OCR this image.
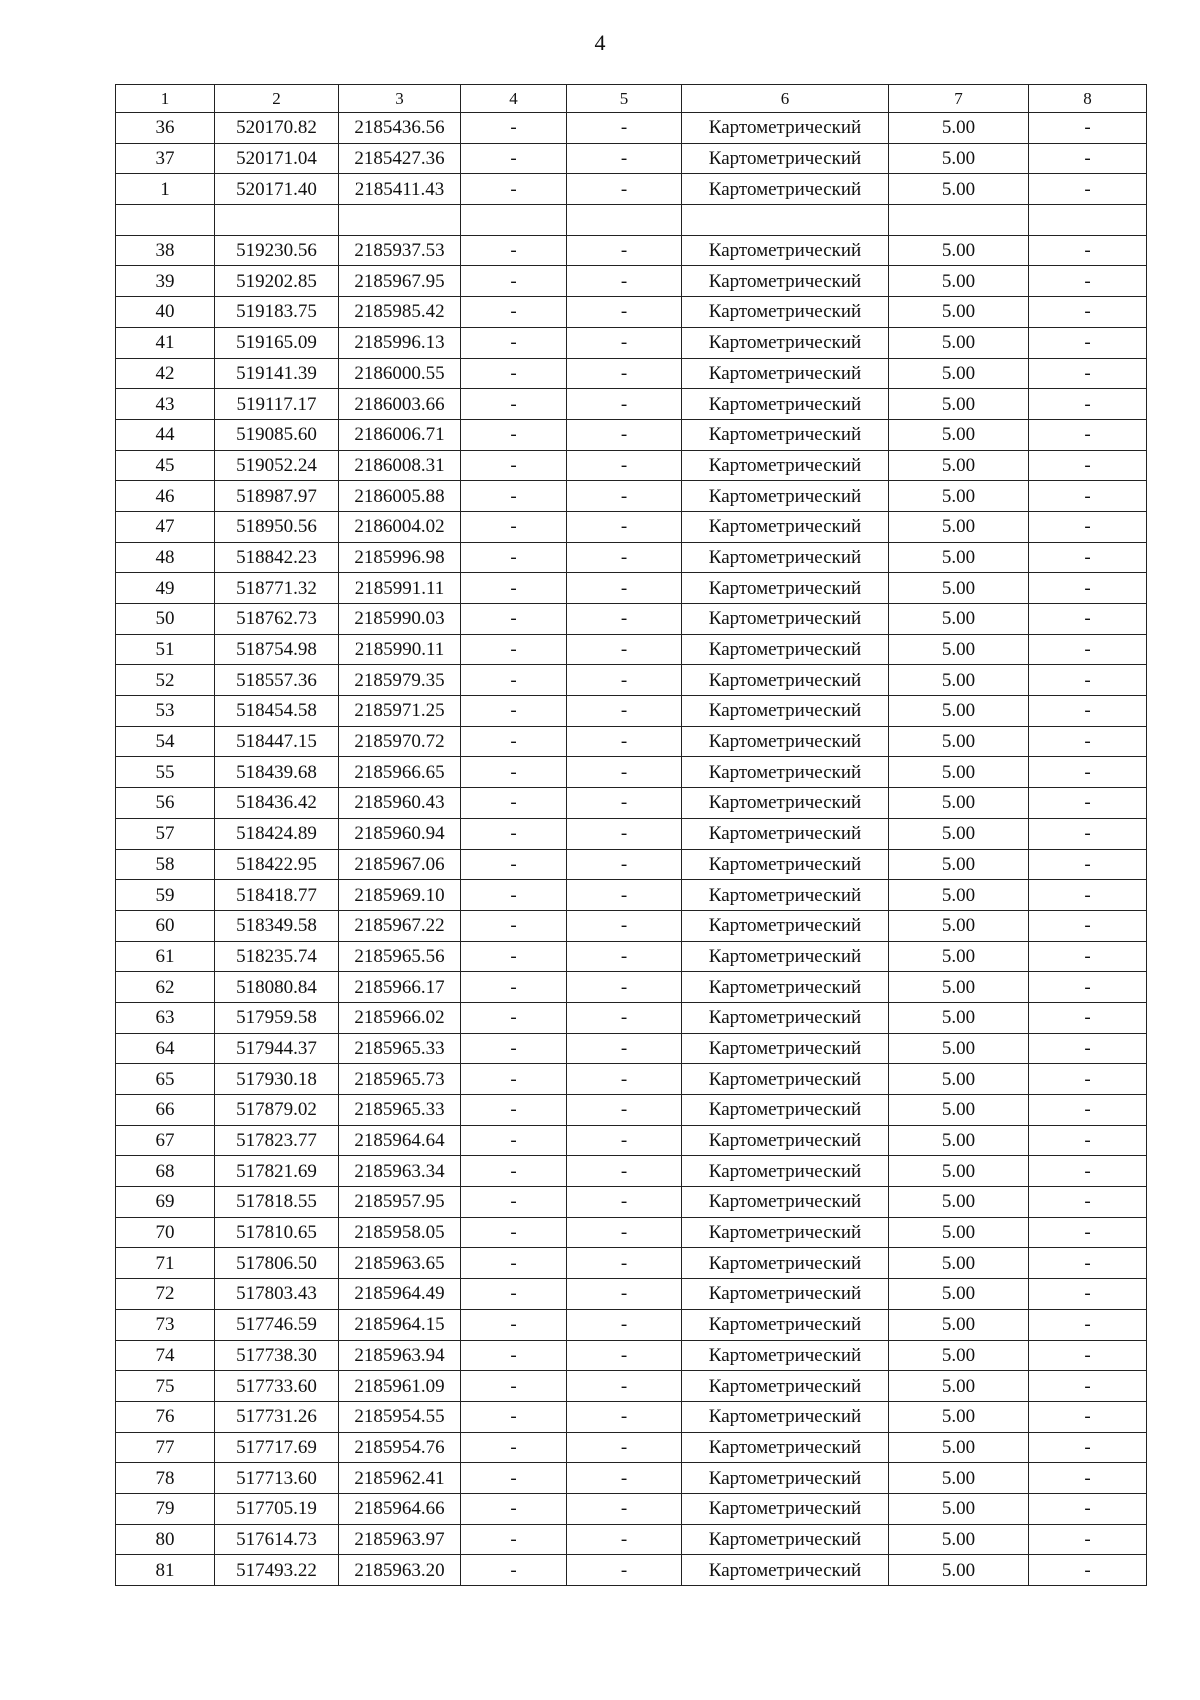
4
1	2	3	4	5	6	7	8
36	520170.82	2185436.56	-	-	Картометрический	5.00	-
37	520171.04	2185427.36	-	-	Картометрический	5.00	-
1	520171.40	2185411.43	-	-	Картометрический	5.00	-

38	519230.56	2185937.53	-	-	Картометрический	5.00	-
39	519202.85	2185967.95	-	-	Картометрический	5.00	-
40	519183.75	2185985.42	-	-	Картометрический	5.00	-
41	519165.09	2185996.13	-	-	Картометрический	5.00	-
42	519141.39	2186000.55	-	-	Картометрический	5.00	-
43	519117.17	2186003.66	-	-	Картометрический	5.00	-
44	519085.60	2186006.71	-	-	Картометрический	5.00	-
45	519052.24	2186008.31	-	-	Картометрический	5.00	-
46	518987.97	2186005.88	-	-	Картометрический	5.00	-
47	518950.56	2186004.02	-	-	Картометрический	5.00	-
48	518842.23	2185996.98	-	-	Картометрический	5.00	-
49	518771.32	2185991.11	-	-	Картометрический	5.00	-
50	518762.73	2185990.03	-	-	Картометрический	5.00	-
51	518754.98	2185990.11	-	-	Картометрический	5.00	-
52	518557.36	2185979.35	-	-	Картометрический	5.00	-
53	518454.58	2185971.25	-	-	Картометрический	5.00	-
54	518447.15	2185970.72	-	-	Картометрический	5.00	-
55	518439.68	2185966.65	-	-	Картометрический	5.00	-
56	518436.42	2185960.43	-	-	Картометрический	5.00	-
57	518424.89	2185960.94	-	-	Картометрический	5.00	-
58	518422.95	2185967.06	-	-	Картометрический	5.00	-
59	518418.77	2185969.10	-	-	Картометрический	5.00	-
60	518349.58	2185967.22	-	-	Картометрический	5.00	-
61	518235.74	2185965.56	-	-	Картометрический	5.00	-
62	518080.84	2185966.17	-	-	Картометрический	5.00	-
63	517959.58	2185966.02	-	-	Картометрический	5.00	-
64	517944.37	2185965.33	-	-	Картометрический	5.00	-
65	517930.18	2185965.73	-	-	Картометрический	5.00	-
66	517879.02	2185965.33	-	-	Картометрический	5.00	-
67	517823.77	2185964.64	-	-	Картометрический	5.00	-
68	517821.69	2185963.34	-	-	Картометрический	5.00	-
69	517818.55	2185957.95	-	-	Картометрический	5.00	-
70	517810.65	2185958.05	-	-	Картометрический	5.00	-
71	517806.50	2185963.65	-	-	Картометрический	5.00	-
72	517803.43	2185964.49	-	-	Картометрический	5.00	-
73	517746.59	2185964.15	-	-	Картометрический	5.00	-
74	517738.30	2185963.94	-	-	Картометрический	5.00	-
75	517733.60	2185961.09	-	-	Картометрический	5.00	-
76	517731.26	2185954.55	-	-	Картометрический	5.00	-
77	517717.69	2185954.76	-	-	Картометрический	5.00	-
78	517713.60	2185962.41	-	-	Картометрический	5.00	-
79	517705.19	2185964.66	-	-	Картометрический	5.00	-
80	517614.73	2185963.97	-	-	Картометрический	5.00	-
81	517493.22	2185963.20	-	-	Картометрический	5.00	-
